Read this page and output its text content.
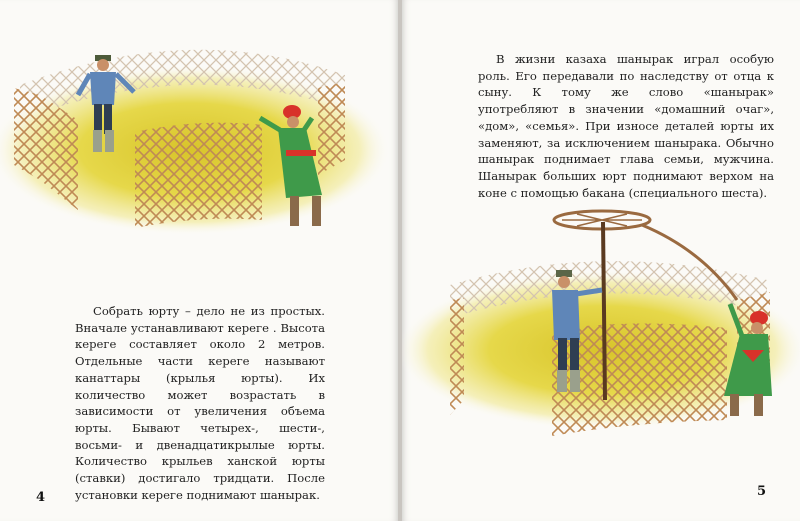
Собрать юрту – дело не из простых. Вначале устанавливают кереге . Высота кереге составляет около 2 метров. Отдельные части кереге называют канаттары (крылья юрты). Их количество может возрастать в зависимости от увеличения объема юрты. Бывают четырех-, шести-, восьми- и двенадцатикрылые юрты. Количество крыльев ханской юрты (ставки) достигало тридцати. После установки кереге поднимают шанырак.

4

В жизни казаха шанырак играл особую роль. Его передавали по наследству от отца к сыну. К тому же слово «шанырак» употребляют в значении «домашний очаг», «дом», «семья». При износе деталей юрты их заменяют, за исключением шанырака. Обычно шанырак поднимает глава семьи, мужчина. Шанырак больших юрт поднимают верхом на коне с помощью бакана (специального шеста).

5
